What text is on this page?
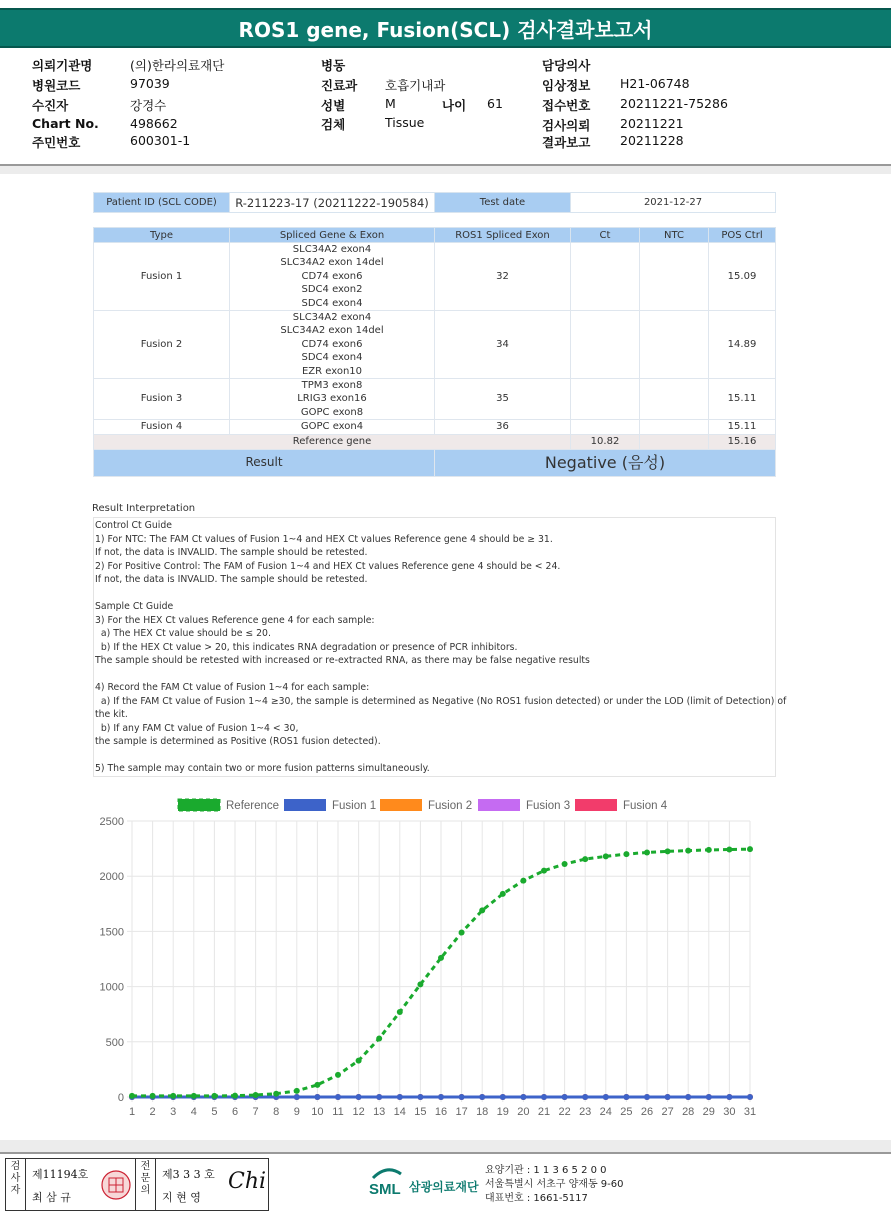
ROS1 gene, Fusion(SCL) 검사결과보고서
의뢰기관명	(의)한라의료재단
병원코드	97039
수진자	강경수
Chart No. 498662
주민번호	600301-1
병동
진료과 호흡기내과
성별	M	나이 61
검체	Tissue
담당의사
임상정보 H21-06748
접수번호 20211221-75286
검사의뢰 20211221
결과보고 20211228
Patient ID (SCL CODE)	R-211223-17 (20211222-190584)	Test date	2021-12-27
Type	Spliced Gene & Exon	ROS1 Spliced Exon	Ct	NTC	POS Ctrl
Fusion 1	SLC34A2 exon4
SLC34A2 exon 14del
CD74 exon6
SDC4 exon2
SDC4 exon4	32			15.09
Fusion 2	SLC34A2 exon4
SLC34A2 exon 14del
CD74 exon6
SDC4 exon4
EZR exon10	34			14.89
Fusion 3	TPM3 exon8
LRIG3 exon16
GOPC exon8	35			15.11
Fusion 4	GOPC exon4	36			15.11
Reference gene			10.82		15.16
Result		Negative (음성)			
Result Interpretation
Control Ct Guide
1) For NTC: The FAM Ct values of Fusion 1~4 and HEX Ct values Reference gene 4 should be ≥ 31.
If not, the data is INVALID. The sample should be retested.
2) For Positive Control: The FAM of Fusion 1~4 and HEX Ct values Reference gene 4 should be < 24.
If not, the data is INVALID. The sample should be retested.
Sample Ct Guide
3) For the HEX Ct values Reference gene 4 for each sample:
a) The HEX Ct value should be ≤ 20.
b) If the HEX Ct value > 20, this indicates RNA degradation or presence of PCR inhibitors.
The sample should be retested with increased or re-extracted RNA, as there may be false negative results
4) Record the FAM Ct value of Fusion 1~4 for each sample:
a) If the FAM Ct value of Fusion 1~4 ≥30, the sample is determined as Negative (No ROS1 fusion detected) or under the LOD (limit of Detection) of
the kit.
b) If any FAM Ct value of Fusion 1~4 < 30,
the sample is determined as Positive (ROS1 fusion detected).
5) The sample may contain two or more fusion patterns simultaneously.
1 2 3 4 5 6 7 8 9 10 11 12 13 14 15 16 17 18 19 20 21 22 23 24 25 26 27 28 29 30 31
0
500
1000
1500
2000
2500
Reference	Fusion 1	Fusion 2	Fusion 3	Fusion 4
검
사
자
제11194호
최 삼 규
전
문
의
제3 3 3 호
지 현 영
Chi	SML 삼광의료재단
요양기관 : 1 1 3 6 5 2 0 0
서울특별시 서초구 양재동 9-60
대표번호 : 1661-5117
